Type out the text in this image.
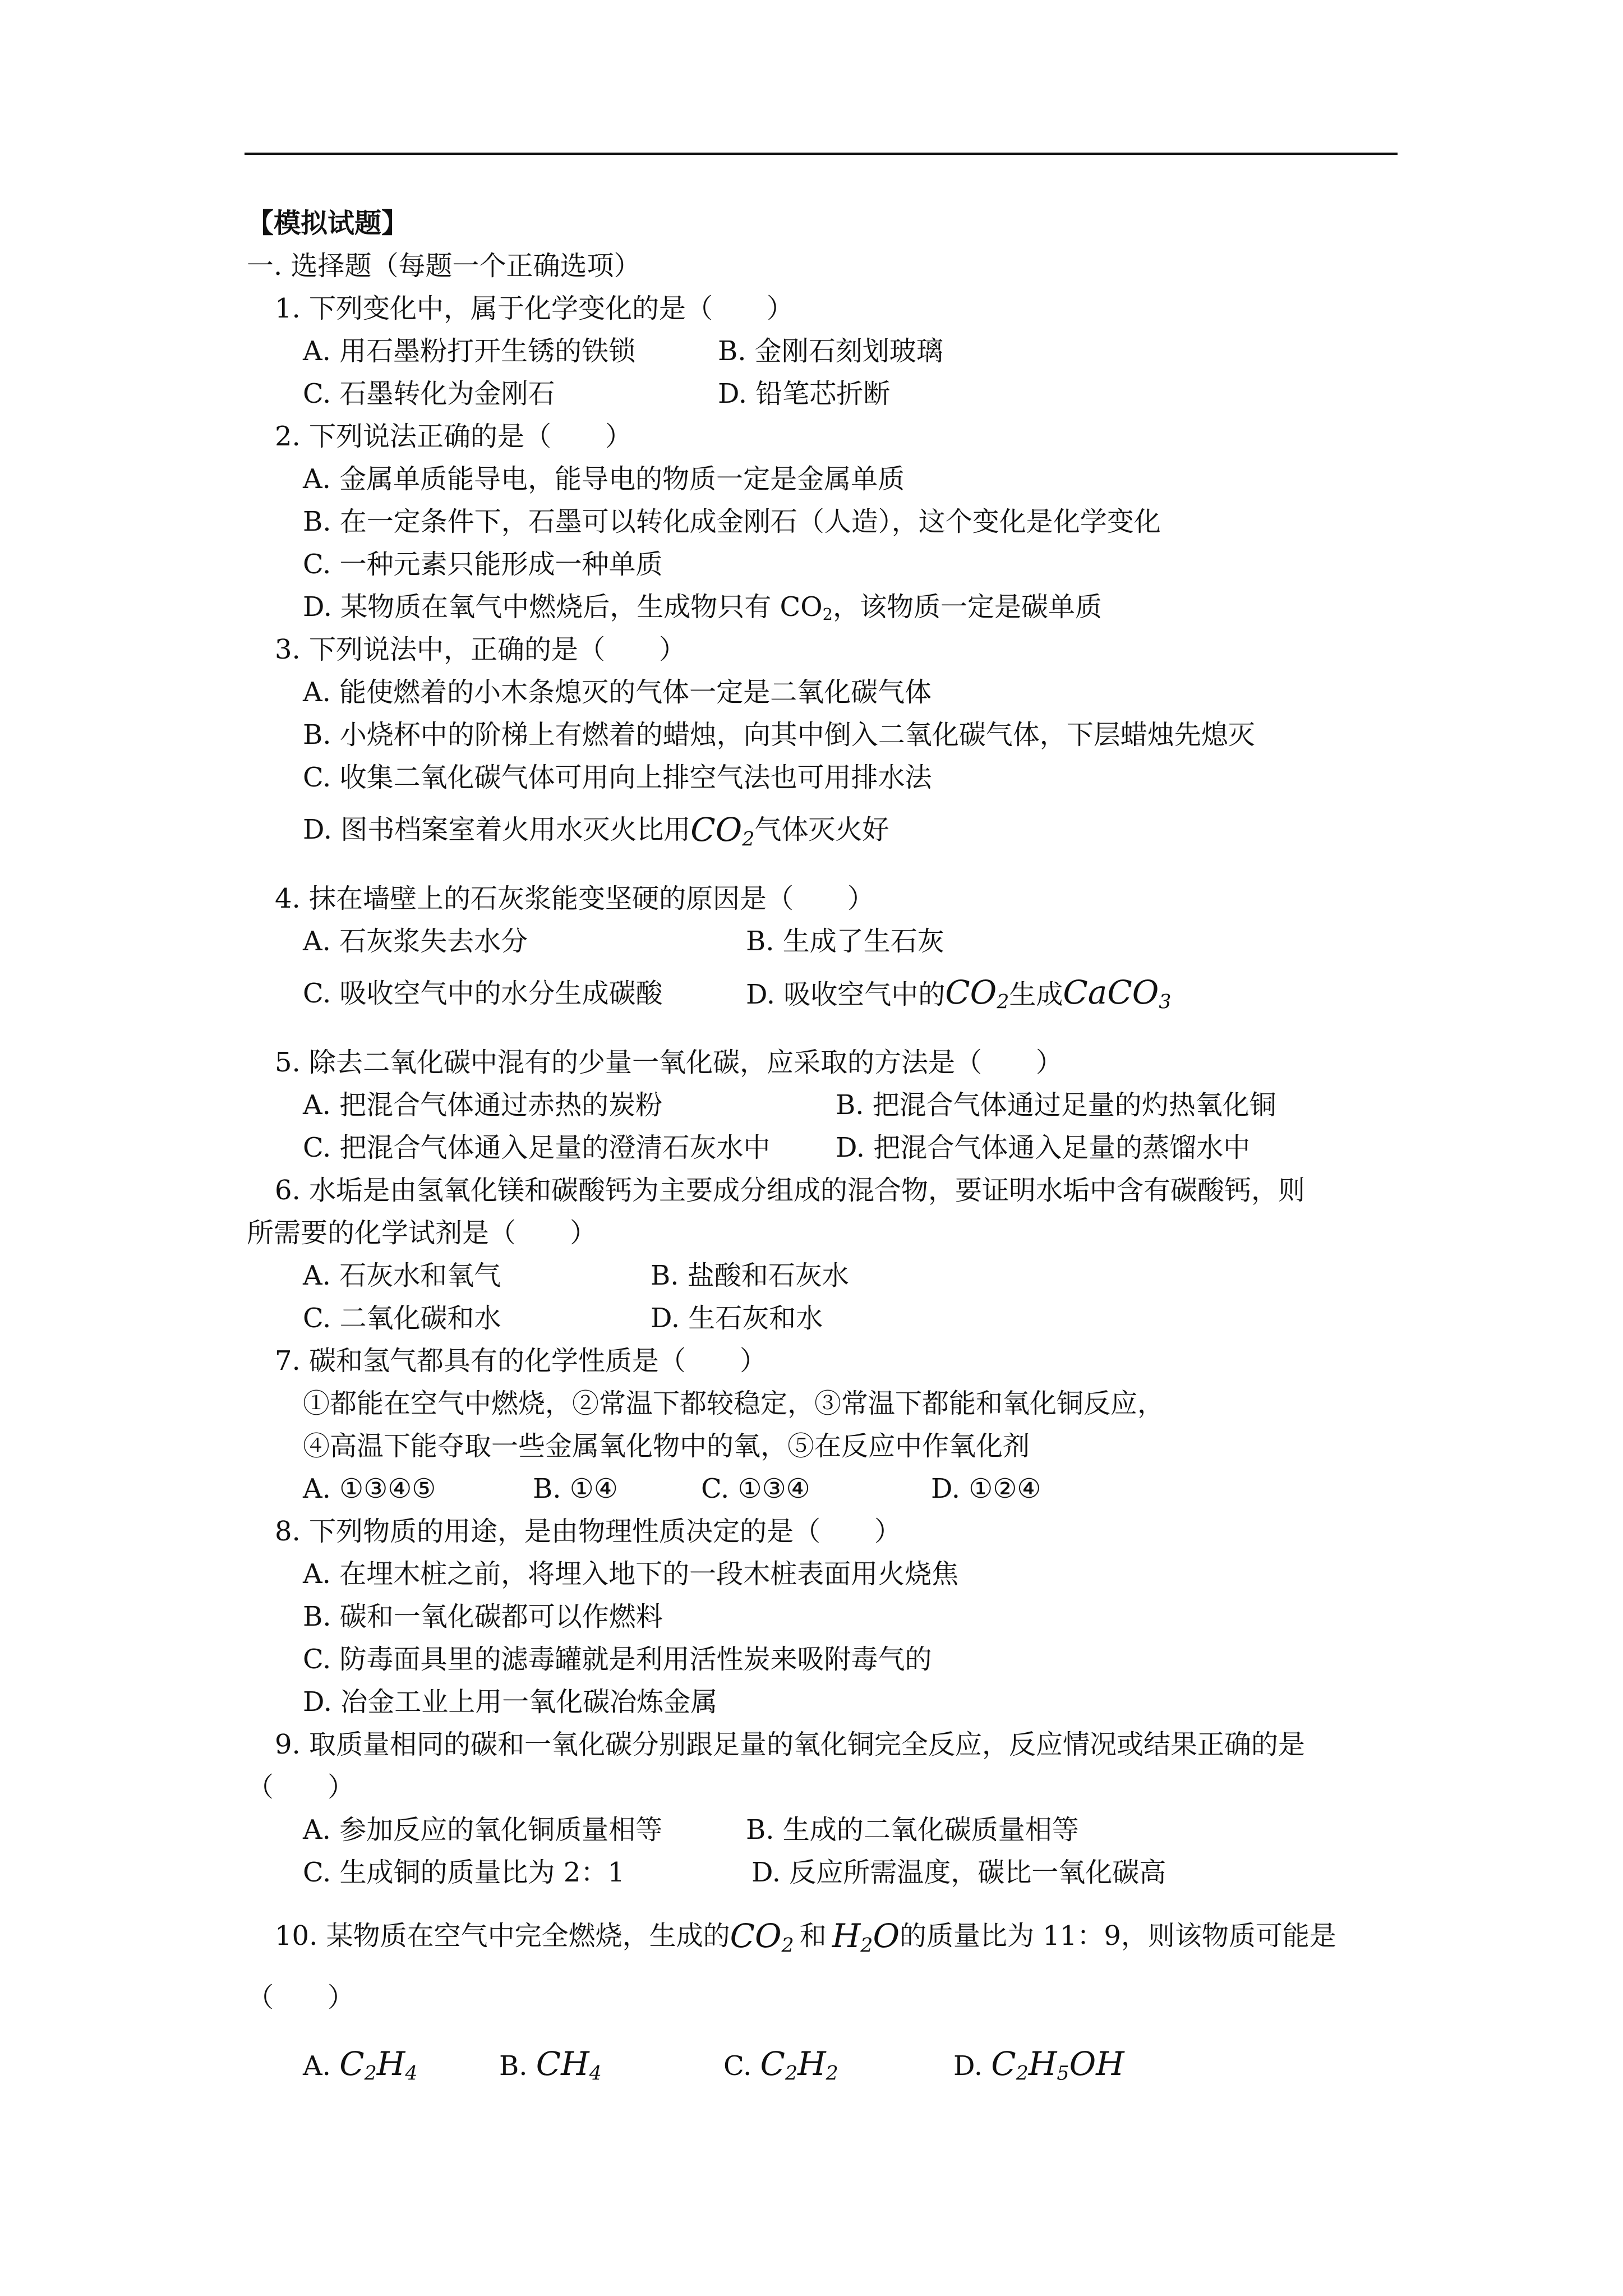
【模拟试题】
一. 选择题（每题一个正确选项）
1. 下列变化中，属于化学变化的是（　　）
A. 用石墨粉打开生锈的铁锁	B. 金刚石刻划玻璃
C. 石墨转化为金刚石	D. 铅笔芯折断
2. 下列说法正确的是（　　）
A. 金属单质能导电，能导电的物质一定是金属单质
B. 在一定条件下，石墨可以转化成金刚石（人造），这个变化是化学变化
C. 一种元素只能形成一种单质
D. 某物质在氧气中燃烧后，生成物只有 $CO_2$，该物质一定是碳单质
3. 下列说法中，正确的是（　　）
A. 能使燃着的小木条熄灭的气体一定是二氧化碳气体
B. 小烧杯中的阶梯上有燃着的蜡烛，向其中倒入二氧化碳气体，下层蜡烛先熄灭
C. 收集二氧化碳气体可用向上排空气法也可用排水法
D. 图书档案室着火用水灭火比用 $CO_2$ 气体灭火好
4. 抹在墙壁上的石灰浆能变坚硬的原因是（　　）
A. 石灰浆失去水分	B. 生成了生石灰
C. 吸收空气中的水分生成碳酸	D. 吸收空气中的$CO_2$生成CaCO$_3$
5. 除去二氧化碳中混有的少量一氧化碳，应采取的方法是（　　）
A. 把混合气体通过赤热的炭粉	B. 把混合气体通过足量的灼热氧化铜
C. 把混合气体通入足量的澄清石灰水中	D. 把混合气体通入足量的蒸馏水中
6. 水垢是由氢氧化镁和碳酸钙为主要成分组成的混合物，要证明水垢中含有碳酸钙，则
所需要的化学试剂是（　　）
A. 石灰水和氧气	B. 盐酸和石灰水
C. 二氧化碳和水	D. 生石灰和水
7. 碳和氢气都具有的化学性质是（　　）
①都能在空气中燃烧，②常温下都较稳定，③常温下都能和氧化铜反应，
④高温下能夺取一些金属氧化物中的氧，⑤在反应中作氧化剂
A. ①③④⑤	B. ①④	C. ①③④	D. ①②④
8. 下列物质的用途，是由物理性质决定的是（　　）
A. 在埋木桩之前，将埋入地下的一段木桩表面用火烧焦
B. 碳和一氧化碳都可以作燃料
C. 防毒面具里的滤毒罐就是利用活性炭来吸附毒气的
D. 冶金工业上用一氧化碳冶炼金属
9. 取质量相同的碳和一氧化碳分别跟足量的氧化铜完全反应，反应情况或结果正确的是
（　　）
A. 参加反应的氧化铜质量相等	B. 生成的二氧化碳质量相等
C. 生成铜的质量比为 2：1	D. 反应所需温度，碳比一氧化碳高
10. 某物质在空气中完全燃烧，生成的 $CO_2$ 和 $H_2O$ 的质量比为 11：9，则该物质可能是
（　　）
A. $C_2H_4$	B. $CH_4$	C. $C_2H_2$	D. $C_2H_5OH$
